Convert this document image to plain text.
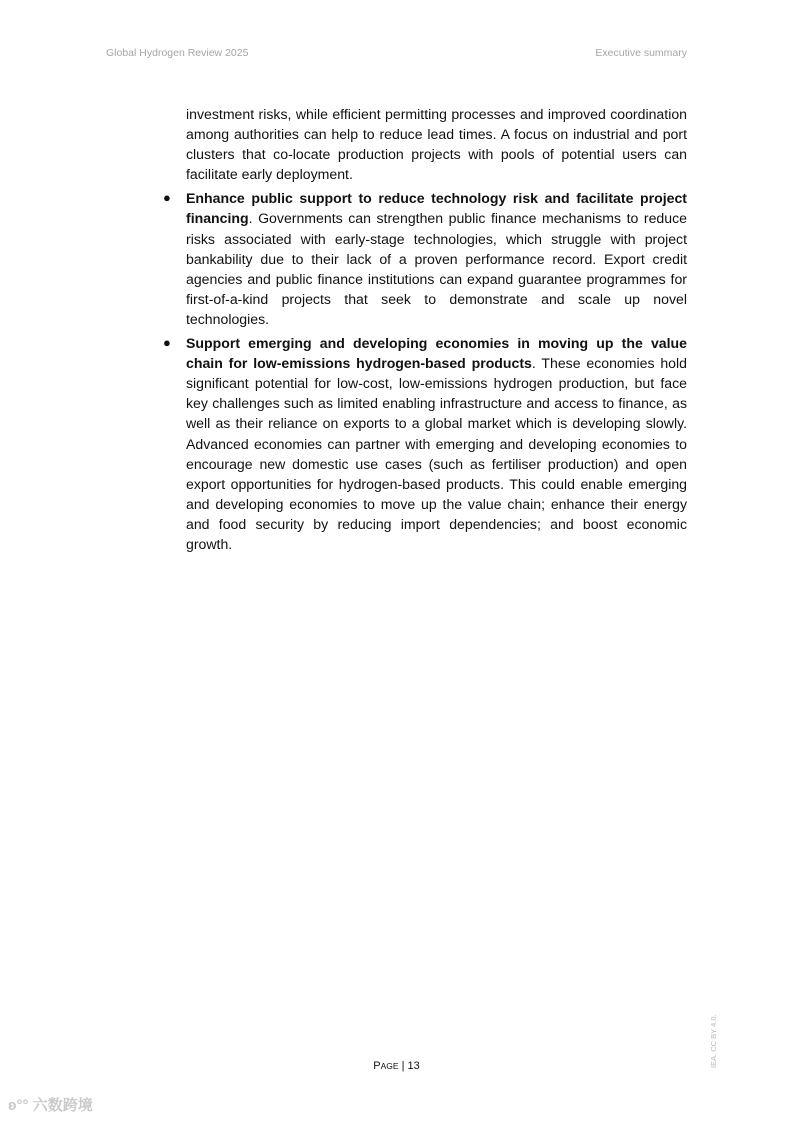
Global Hydrogen Review 2025	Executive summary

investment risks, while efficient permitting processes and improved coordination among authorities can help to reduce lead times. A focus on industrial and port clusters that co-locate production projects with pools of potential users can facilitate early deployment.

● Enhance public support to reduce technology risk and facilitate project financing. Governments can strengthen public finance mechanisms to reduce risks associated with early-stage technologies, which struggle with project bankability due to their lack of a proven performance record. Export credit agencies and public finance institutions can expand guarantee programmes for first-of-a-kind projects that seek to demonstrate and scale up novel technologies.
● Support emerging and developing economies in moving up the value chain for low-emissions hydrogen-based products. These economies hold significant potential for low-cost, low-emissions hydrogen production, but face key challenges such as limited enabling infrastructure and access to finance, as well as their reliance on exports to a global market which is developing slowly. Advanced economies can partner with emerging and developing economies to encourage new domestic use cases (such as fertiliser production) and open export opportunities for hydrogen-based products. This could enable emerging and developing economies to move up the value chain; enhance their energy and food security by reducing import dependencies; and boost economic growth.
PAGE | 13	IEA. CC BY 4.0.
ʚ°° 六数跨境
